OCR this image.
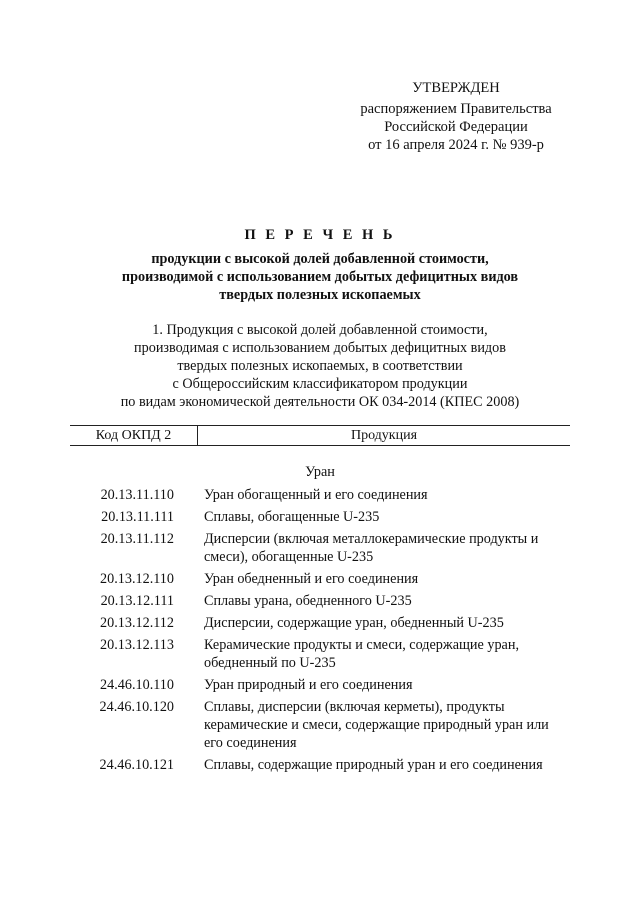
УТВЕРЖДЕН
распоряжением Правительства
Российской Федерации
от 16 апреля 2024 г. № 939-р
П Е Р Е Ч Е Н Ь
продукции с высокой долей добавленной стоимости,
производимой с использованием добытых дефицитных видов
твердых полезных ископаемых
1. Продукция с высокой долей добавленной стоимости,
производимая с использованием добытых дефицитных видов
твердых полезных ископаемых, в соответствии
с Общероссийским классификатором продукции
по видам экономической деятельности ОК 034-2014 (КПЕС 2008)
Код ОКПД 2	Продукция
Уран
20.13.11.110 Уран обогащенный и его соединения
20.13.11.111 Сплавы, обогащенные U-235
20.13.11.112 Дисперсии (включая металлокерамические продукты и смеси), обогащенные U-235
20.13.12.110 Уран обедненный и его соединения
20.13.12.111 Сплавы урана, обедненного U-235
20.13.12.112 Дисперсии, содержащие уран, обедненный U-235
20.13.12.113 Керамические продукты и смеси, содержащие уран, обедненный по U-235
24.46.10.110 Уран природный и его соединения
24.46.10.120 Сплавы, дисперсии (включая керметы), продукты керамические и смеси, содержащие природный уран или его соединения
24.46.10.121 Сплавы, содержащие природный уран и его соединения
